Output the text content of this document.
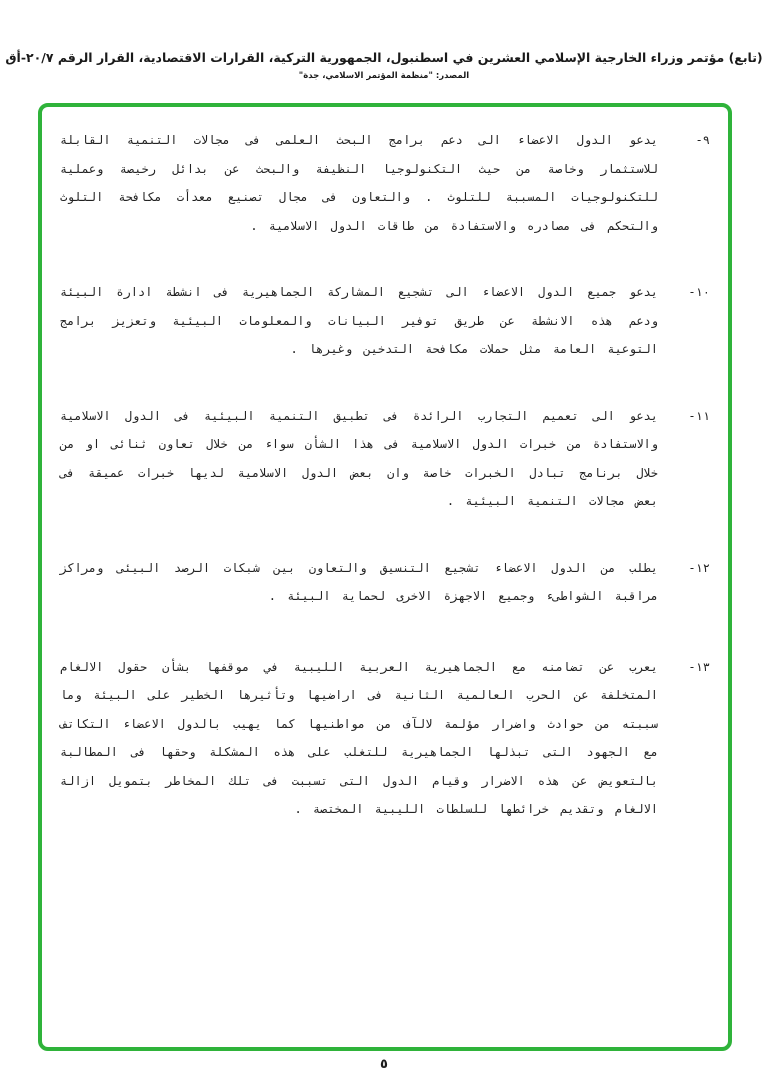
(تابع) مؤتمر وزراء الخارجية الإسلامي العشرين في اسطنبول، الجمهورية التركية، القرارات الاقتصادية، القرار الرقم ٢٠/٧-أق
المصدر: "منظمة المؤتمر الاسلامي، جدة"
٩-
يدعو الدول الاعضاء الى دعم برامج البحث العلمى فى مجالات التنمية القابلة للاستثمار وخاصة من حيث التكنولوجيا النظيفة والبحث عن بدائل رخيصة وعملية للتكنولوجيات المسببة للتلوث . والتعاون فى مجال تصنيع معدأت مكافحة التلوث والتحكم فى مصادره والاستفادة من طاقات الدول الاسلامية .
١٠-
يدعو جميع الدول الاعضاء الى تشجيع المشاركة الجماهيرية فى انشطة ادارة البيئة ودعم هذه الانشطة عن طريق توفير البيانات والمعلومات البيئية وتعزيز برامج التوعية العامة مثل حملات مكافحة التدخين وغيرها .
١١-
يدعو الى تعميم التجارب الرائدة فى تطبيق التنمية البيئية فى الدول الاسلامية والاستفادة من خبرات الدول الاسلامية فى هذا الشأن سواء من خلال تعاون ثنائى او من خلال برنامج تبادل الخبرات خاصة وان بعض الدول الاسلامية لديها خبرات عميقة فى بعض مجالات التنمية البيئية .
١٢-
يطلب من الدول الاعضاء تشجيع التنسيق والتعاون بين شبكات الرصد البيئى ومراكز مراقبة الشواطىء وجميع الاجهزة الاخرى لحماية البيئة .
١٣-
يعرب عن تضامنه مع الجماهيرية العربية الليبية في موقفها بشأن حقول الالغام المتخلفة عن الحرب العالمية الثانية فى اراضيها وتأثيرها الخطير على البيئة وما سببته من حوادث واضرار مؤلمة لالآف من مواطنيها كما يهيب بالدول الاعضاء التكاتف مع الجهود التى تبذلها الجماهيرية للتغلب على هذه المشكلة وحقها فى المطالبة بالتعويض عن هذه الاضرار وقيام الدول التى تسببت فى تلك المخاطر بتمويل ازالة الالغام وتقديم خرائطها للسلطات الليبية المختصة .
٥
